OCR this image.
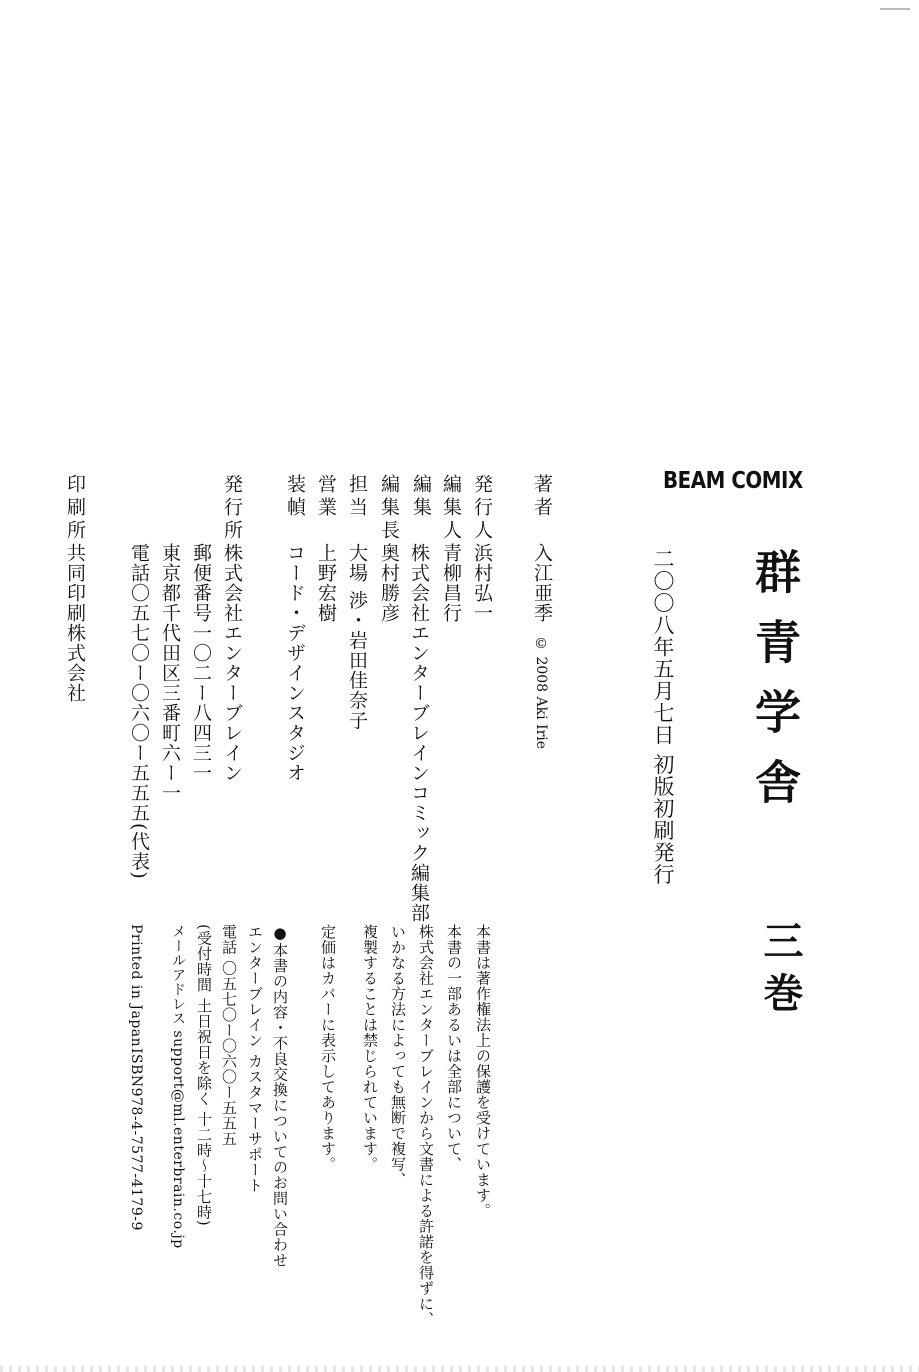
BEAM COMIX
群青学舎
三巻
二〇〇八年五月七日 初版初刷発行
著者
入江亜季
© 2008 Aki Irie
発行人
浜村弘一
編集人
青柳昌行
編集
株式会社エンターブレインコミック編集部
編集長
奥村勝彦
担当
大場 渉・岩田佳奈子
営業
上野宏樹
装幀
コード・デザインスタジオ
発行所
株式会社エンターブレイン
郵便番号一〇二ー八四三一
東京都千代田区三番町六ー一
電話〇五七〇ー〇六〇ー五五五(代表)
印刷所
共同印刷株式会社
本書は著作権法上の保護を受けています。
本書の一部あるいは全部について、
株式会社エンターブレインから文書による許諾を得ずに、
いかなる方法によっても無断で複写、
複製することは禁じられています。
定価はカバーに表示してあります。
●本書の内容・不良交換についてのお問い合わせ
エンターブレイン カスタマーサポート
電話 〇五七〇ー〇六〇ー五五五
(受付時間 土日祝日を除く 十二時〜十七時)
メールアドレス support@ml.enterbrain.co.jp
ISBN978-4-7577-4179-9
Printed in Japan
